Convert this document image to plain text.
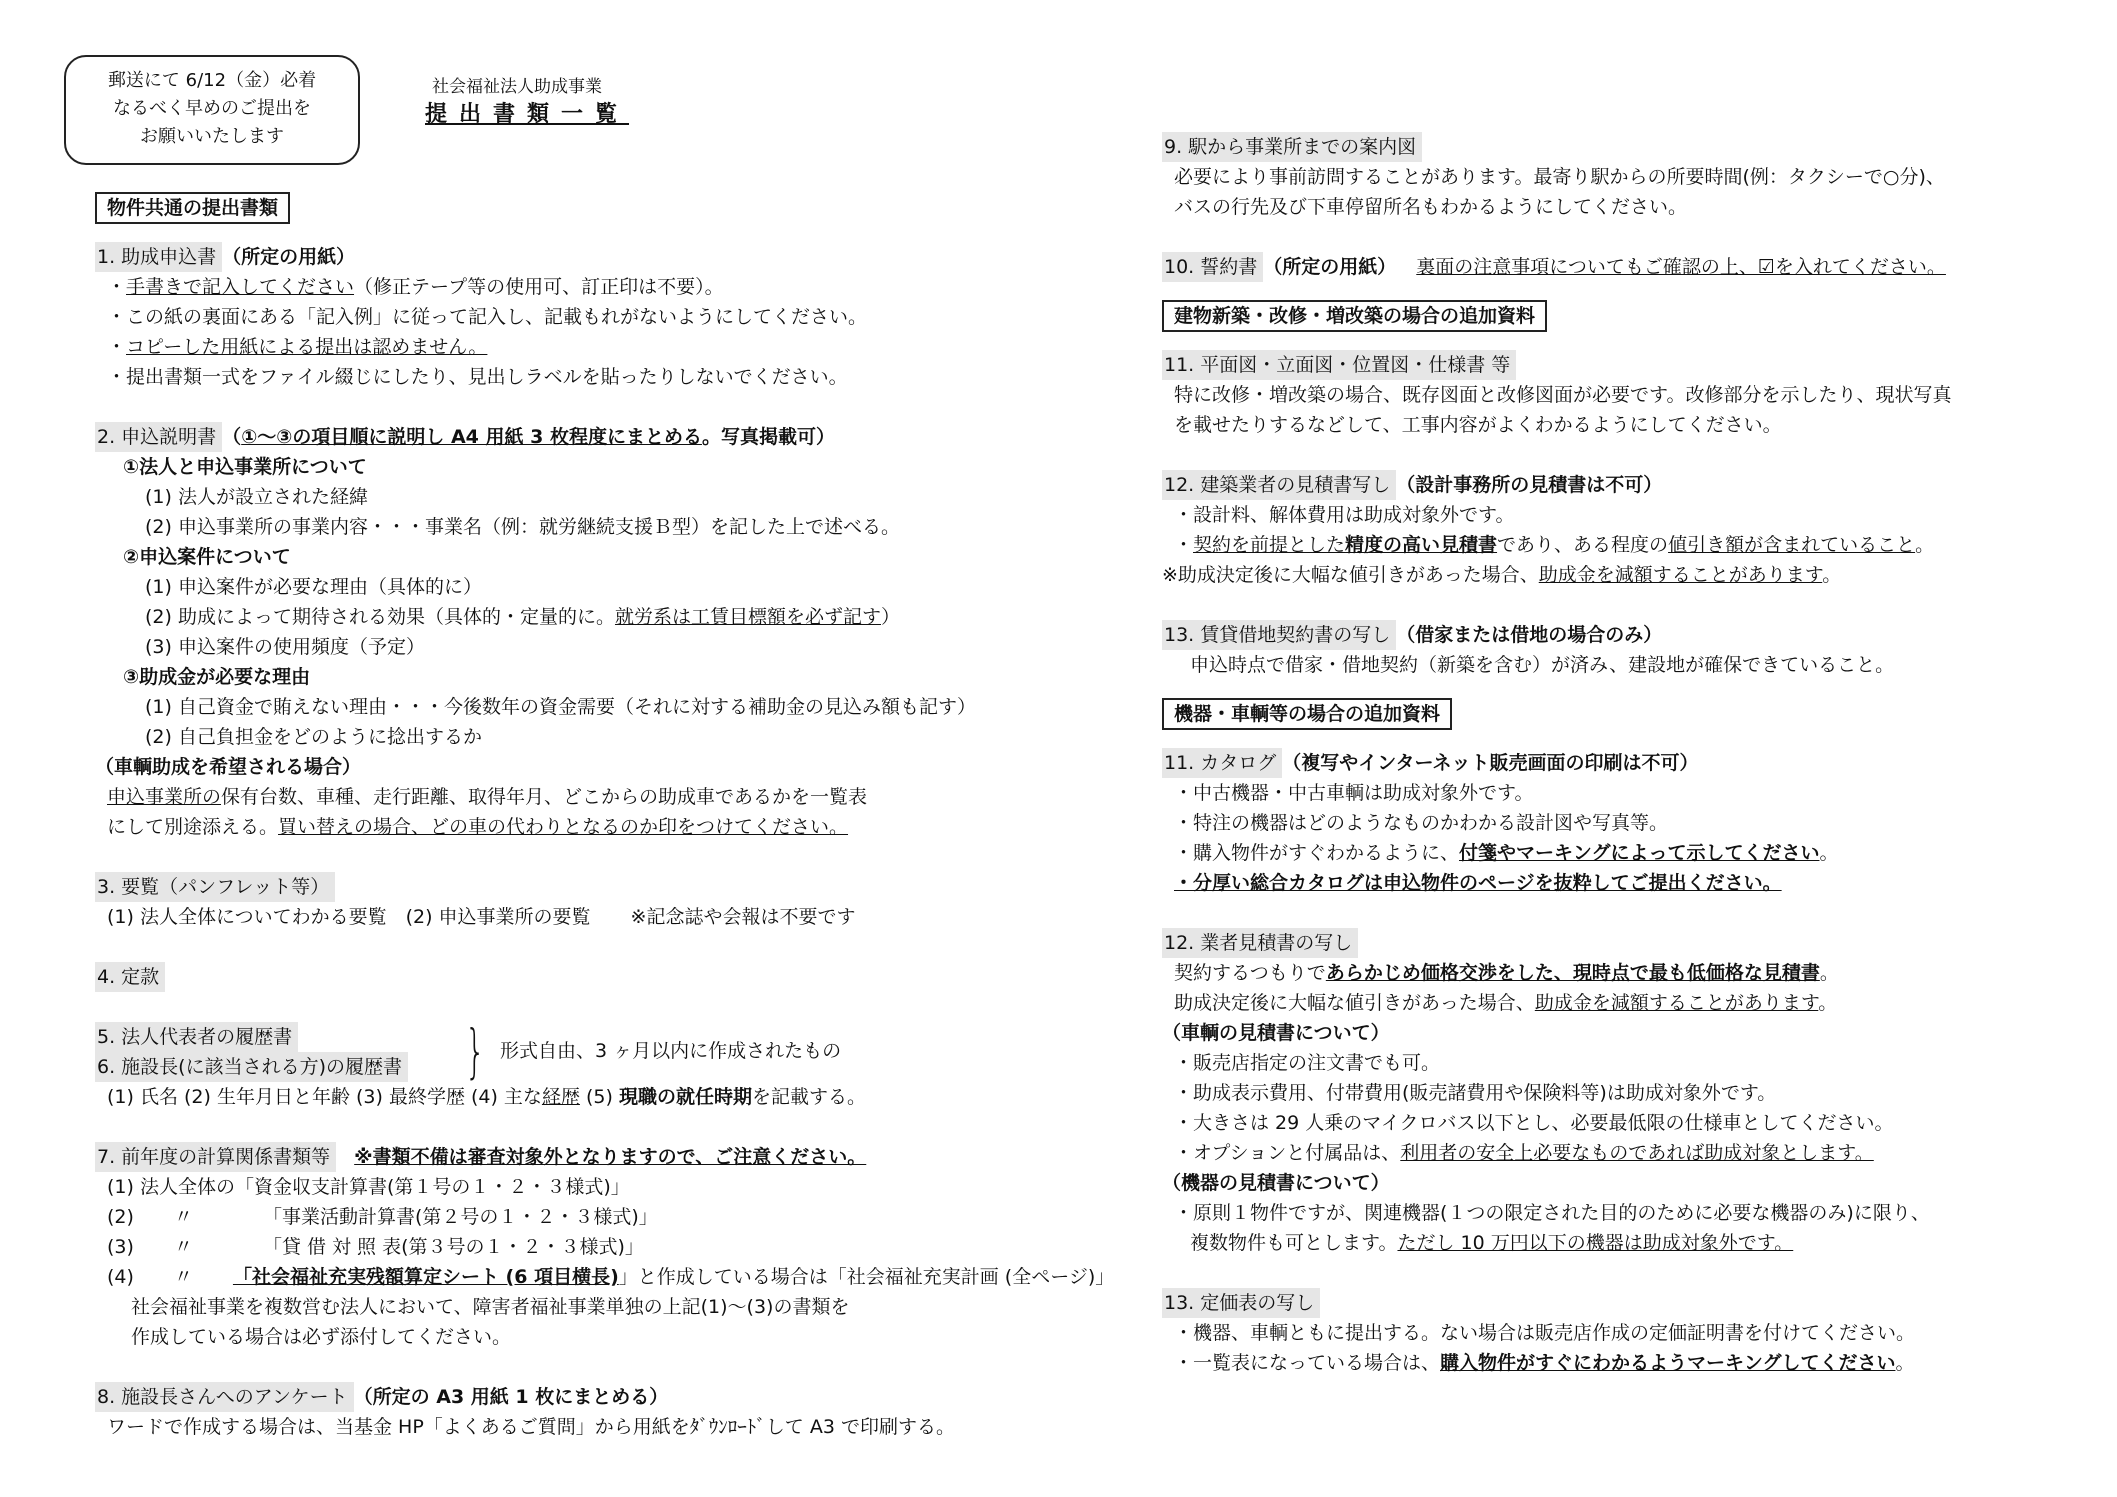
郵送にて 6/12（金）必着
なるべく早めのご提出を
お願いいたします
社会福祉法人助成事業
提出書類一覧
物件共通の提出書類
1. 助成申込書 （所定の用紙）
・手書きで記入してください（修正テープ等の使用可、訂正印は不要）。
・この紙の裏面にある「記入例」に従って記入し、記載もれがないようにしてください。
・コピーした用紙による提出は認めません。
・提出書類一式をファイル綴じにしたり、見出しラベルを貼ったりしないでください。
2. 申込説明書 （①～③の項目順に説明し A4 用紙 3 枚程度にまとめる。写真掲載可）
①法人と申込事業所について
(1) 法人が設立された経緯
(2) 申込事業所の事業内容・・・事業名（例：就労継続支援Ｂ型）を記した上で述べる。
②申込案件について
(1) 申込案件が必要な理由（具体的に）
(2) 助成によって期待される効果（具体的・定量的に。就労系は工賃目標額を必ず記す）
(3) 申込案件の使用頻度（予定）
③助成金が必要な理由
(1) 自己資金で賄えない理由・・・今後数年の資金需要（それに対する補助金の見込み額も記す）
(2) 自己負担金をどのように捻出するか
（車輌助成を希望される場合）
申込事業所の保有台数、車種、走行距離、取得年月、どこからの助成車であるかを一覧表
にして別途添える。買い替えの場合、どの車の代わりとなるのか印をつけてください。
3. 要覧（パンフレット等）
(1) 法人全体についてわかる要覧　(2) 申込事業所の要覧 ※記念誌や会報は不要です
4. 定款
5. 法人代表者の履歴書
6. 施設長(に該当される方)の履歴書	} 形式自由、3 ヶ月以内に作成されたもの
(1) 氏名 (2) 生年月日と年齢 (3) 最終学歴 (4) 主な経歴 (5) 現職の就任時期を記載する。
7. 前年度の計算関係書類等 ※書類不備は審査対象外となりますので、ご注意ください。
(1) 法人全体の「資金収支計算書(第１号の１・２・３様式)」
(2) 〃	「事業活動計算書(第２号の１・２・３様式)」
(3) 〃	「貸 借 対 照 表(第３号の１・２・３様式)」
(4) 〃 「社会福祉充実残額算定シート (6 項目横長)」と作成している場合は「社会福祉充実計画 (全ページ)」
社会福祉事業を複数営む法人において、障害者福祉事業単独の上記(1)～(3)の書類を
作成している場合は必ず添付してください。
8. 施設長さんへのアンケート （所定の A3 用紙 1 枚にまとめる）
ワードで作成する場合は、当基金 HP「よくあるご質問」から用紙をﾀﾞｳﾝﾛｰﾄﾞして A3 で印刷する。
9. 駅から事業所までの案内図
必要により事前訪問することがあります。最寄り駅からの所要時間(例：タクシーで○分)、
バスの行先及び下車停留所名もわかるようにしてください。
10. 誓約書 （所定の用紙） 裏面の注意事項についてもご確認の上、☑を入れてください。
建物新築・改修・増改築の場合の追加資料
11. 平面図・立面図・位置図・仕様書 等
特に改修・増改築の場合、既存図面と改修図面が必要です。改修部分を示したり、現状写真
を載せたりするなどして、工事内容がよくわかるようにしてください。
12. 建築業者の見積書写し （設計事務所の見積書は不可）
・設計料、解体費用は助成対象外です。
・契約を前提とした精度の高い見積書であり、ある程度の値引き額が含まれていること。
※助成決定後に大幅な値引きがあった場合、助成金を減額することがあります。
13. 賃貸借地契約書の写し （借家または借地の場合のみ）
申込時点で借家・借地契約（新築を含む）が済み、建設地が確保できていること。
機器・車輌等の場合の追加資料
11. カタログ （複写やインターネット販売画面の印刷は不可）
・中古機器・中古車輌は助成対象外です。
・特注の機器はどのようなものかわかる設計図や写真等。
・購入物件がすぐわかるように、付箋やマーキングによって示してください。
・分厚い総合カタログは申込物件のページを抜粋してご提出ください。
12. 業者見積書の写し
契約するつもりであらかじめ価格交渉をした、現時点で最も低価格な見積書。
助成決定後に大幅な値引きがあった場合、助成金を減額することがあります。
（車輌の見積書について）
・販売店指定の注文書でも可。
・助成表示費用、付帯費用(販売諸費用や保険料等)は助成対象外です。
・大きさは 29 人乗のマイクロバス以下とし、必要最低限の仕様車としてください。
・オプションと付属品は、利用者の安全上必要なものであれば助成対象とします。
（機器の見積書について）
・原則１物件ですが、関連機器(１つの限定された目的のために必要な機器のみ)に限り、
複数物件も可とします。ただし 10 万円以下の機器は助成対象外です。
13. 定価表の写し
・機器、車輌ともに提出する。ない場合は販売店作成の定価証明書を付けてください。
・一覧表になっている場合は、購入物件がすぐにわかるようマーキングしてください。
